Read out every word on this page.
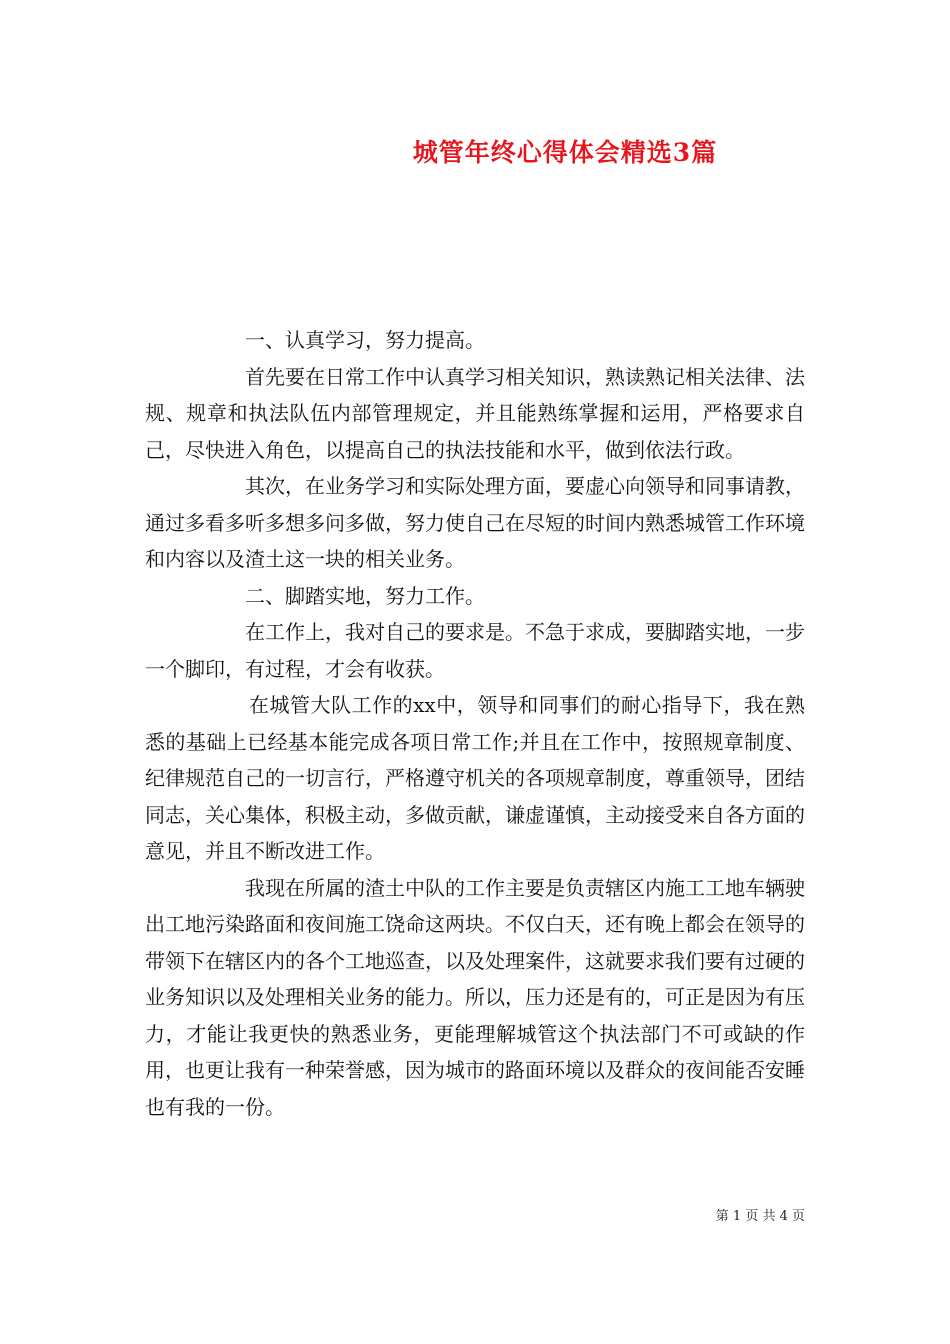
城管年终心得体会精选3篇

一、认真学习，努力提高。

首先要在日常工作中认真学习相关知识，熟读熟记相关法律、法规、规章和执法队伍内部管理规定，并且能熟练掌握和运用，严格要求自己，尽快进入角色，以提高自己的执法技能和水平，做到依法行政。

其次，在业务学习和实际处理方面，要虚心向领导和同事请教，通过多看多听多想多问多做，努力使自己在尽短的时间内熟悉城管工作环境和内容以及渣土这一块的相关业务。

二、脚踏实地，努力工作。

在工作上，我对自己的要求是。不急于求成，要脚踏实地，一步一个脚印，有过程，才会有收获。

在城管大队工作的xx中，领导和同事们的耐心指导下，我在熟悉的基础上已经基本能完成各项日常工作;并且在工作中，按照规章制度、纪律规范自己的一切言行，严格遵守机关的各项规章制度，尊重领导，团结同志，关心集体，积极主动，多做贡献，谦虚谨慎，主动接受来自各方面的意见，并且不断改进工作。

我现在所属的渣土中队的工作主要是负责辖区内施工工地车辆驶出工地污染路面和夜间施工饶命这两块。不仅白天，还有晚上都会在领导的带领下在辖区内的各个工地巡查，以及处理案件，这就要求我们要有过硬的业务知识以及处理相关业务的能力。所以，压力还是有的，可正是因为有压力，才能让我更快的熟悉业务，更能理解城管这个执法部门不可或缺的作用，也更让我有一种荣誉感，因为城市的路面环境以及群众的夜间能否安睡也有我的一份。

第 1 页 共 4 页
